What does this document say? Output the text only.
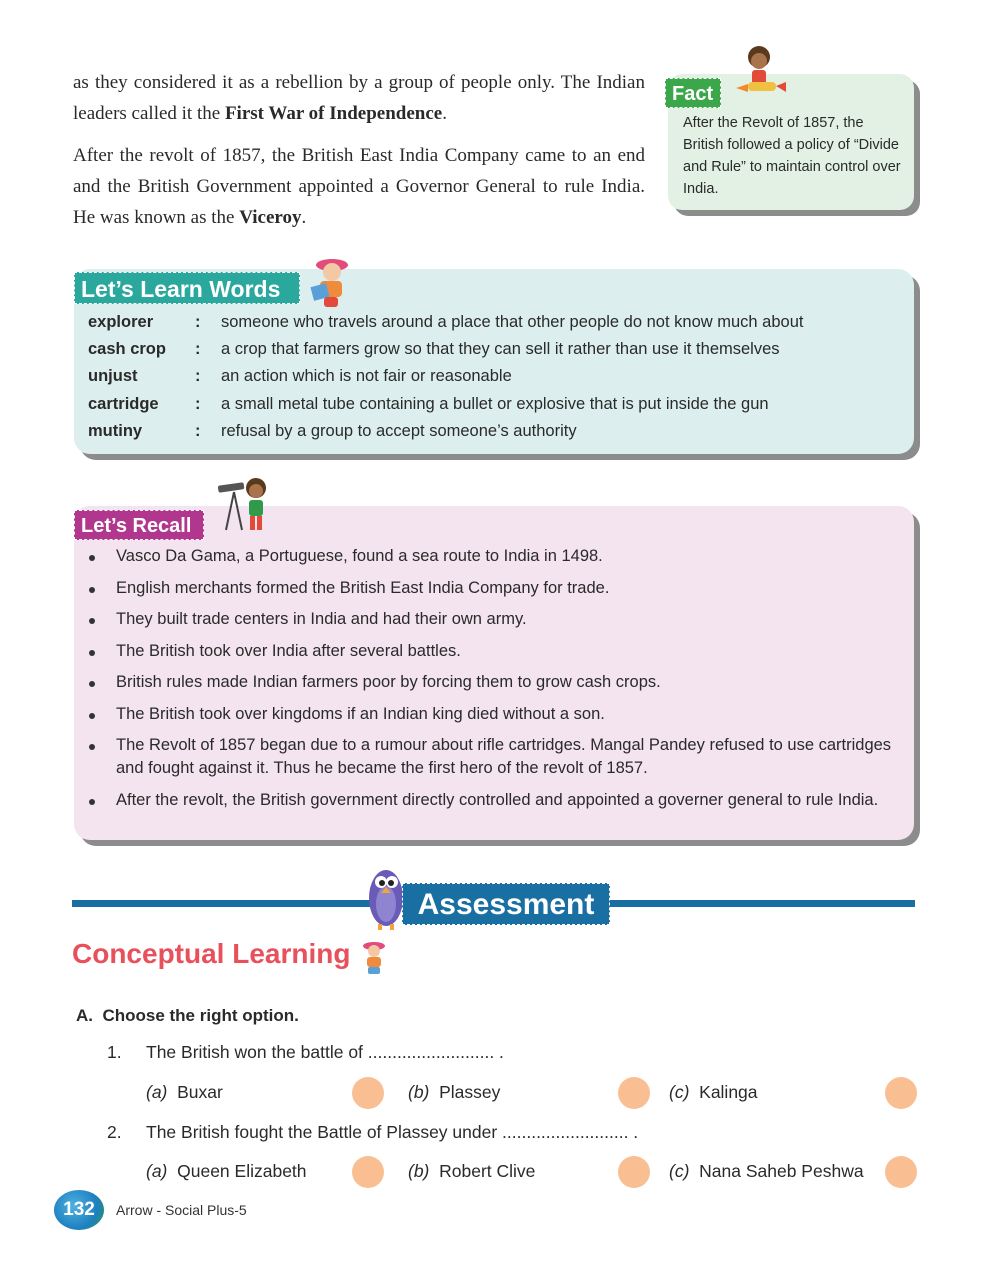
as they considered it as a rebellion by a group of people only. The Indian leaders called it the First War of Independence.

After the revolt of 1857, the British East India Company came to an end and the British Government appointed a Governor General to rule India. He was known as the Viceroy.

Fact
After the Revolt of 1857, the British followed a policy of “Divide and Rule” to maintain control over India.
Let’s Learn Words
explorer	: someone who travels around a place that other people do not know much about
cash crop	: a crop that farmers grow so that they can sell it rather than use it themselves
unjust	: an action which is not fair or reasonable
cartridge	: a small metal tube containing a bullet or explosive that is put inside the gun
mutiny	: refusal by a group to accept someone’s authority
Let’s Recall
Vasco Da Gama, a Portuguese, found a sea route to India in 1498.
English merchants formed the British East India Company for trade.
They built trade centers in India and had their own army.
The British took over India after several battles.
British rules made Indian farmers poor by forcing them to grow cash crops.
The British took over kingdoms if an Indian king died without a son.
The Revolt of 1857 began due to a rumour about rifle cartridges. Mangal Pandey refused to use cartridges and fought against it. Thus he became the first hero of the revolt of 1857.
After the revolt, the British government directly controlled and appointed a governer general to rule India.
Assessment
Conceptual Learning
A. Choose the right option.
1. The British won the battle of .......................... .
(a) Buxar	(b) Plassey	(c) Kalinga
2. The British fought the Battle of Plassey under .......................... .
(a) Queen Elizabeth	(b) Robert Clive	(c) Nana Saheb Peshwa
132	Arrow - Social Plus-5
